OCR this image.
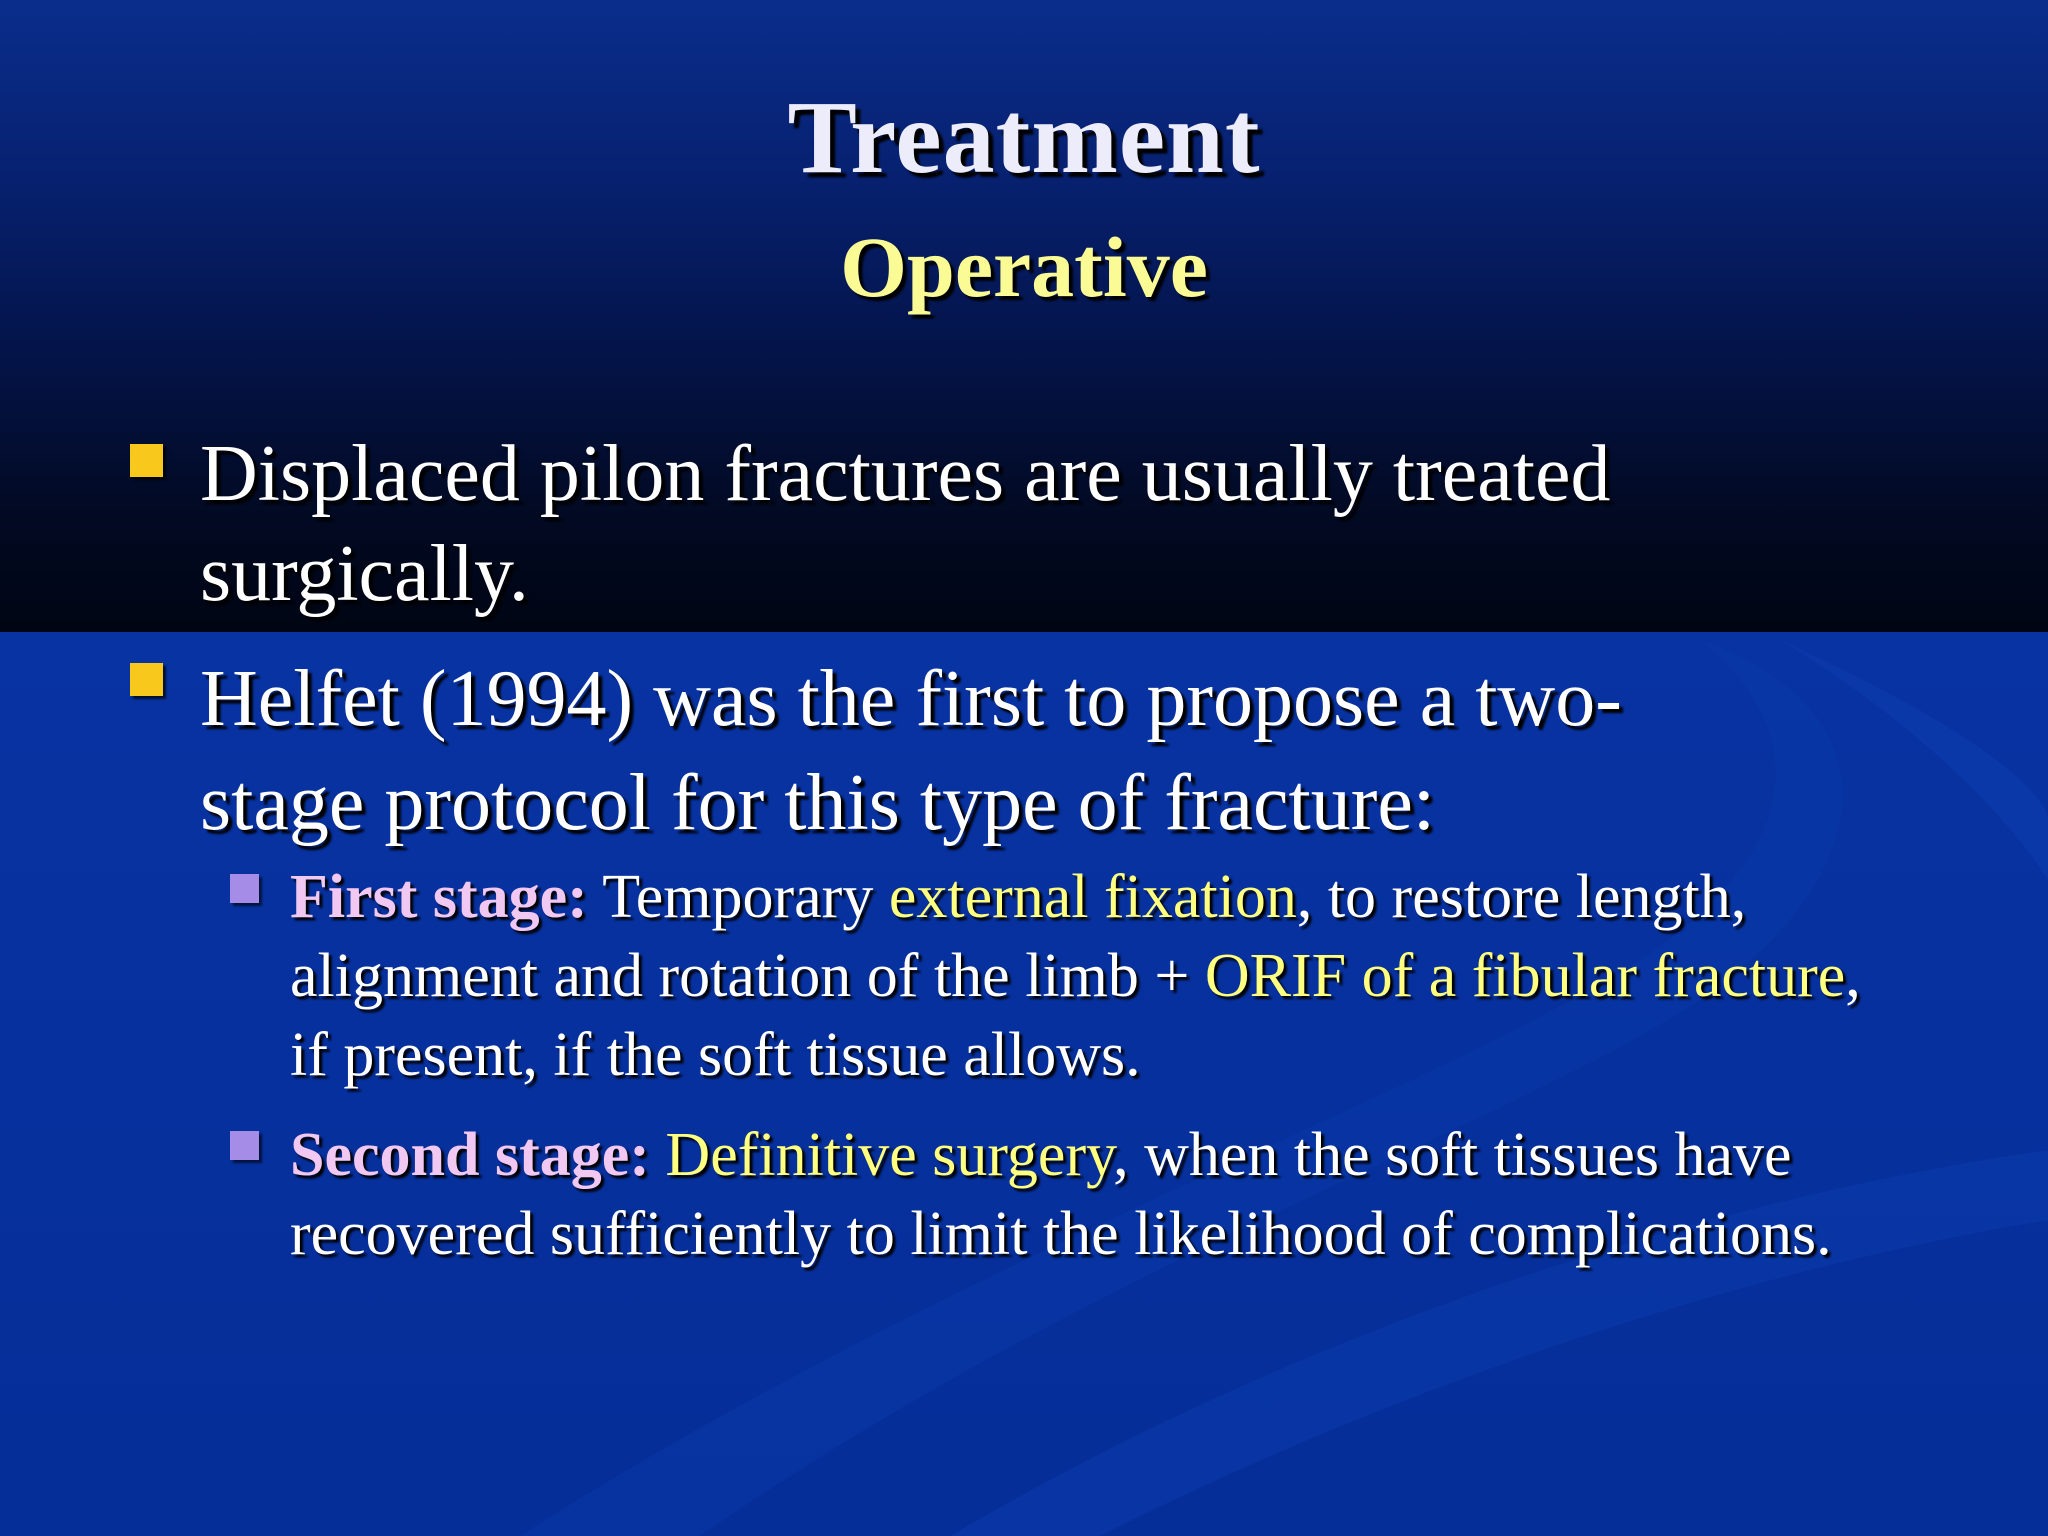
Treatment
Operative
Displaced pilon fractures are usually treated surgically.
Helfet (1994) was the first to propose a two-stage protocol for this type of fracture:
First stage: Temporary external fixation, to restore length, alignment and rotation of the limb + ORIF of a fibular fracture, if present, if the soft tissue allows.
Second stage: Definitive surgery, when the soft tissues have recovered sufficiently to limit the likelihood of complications.
